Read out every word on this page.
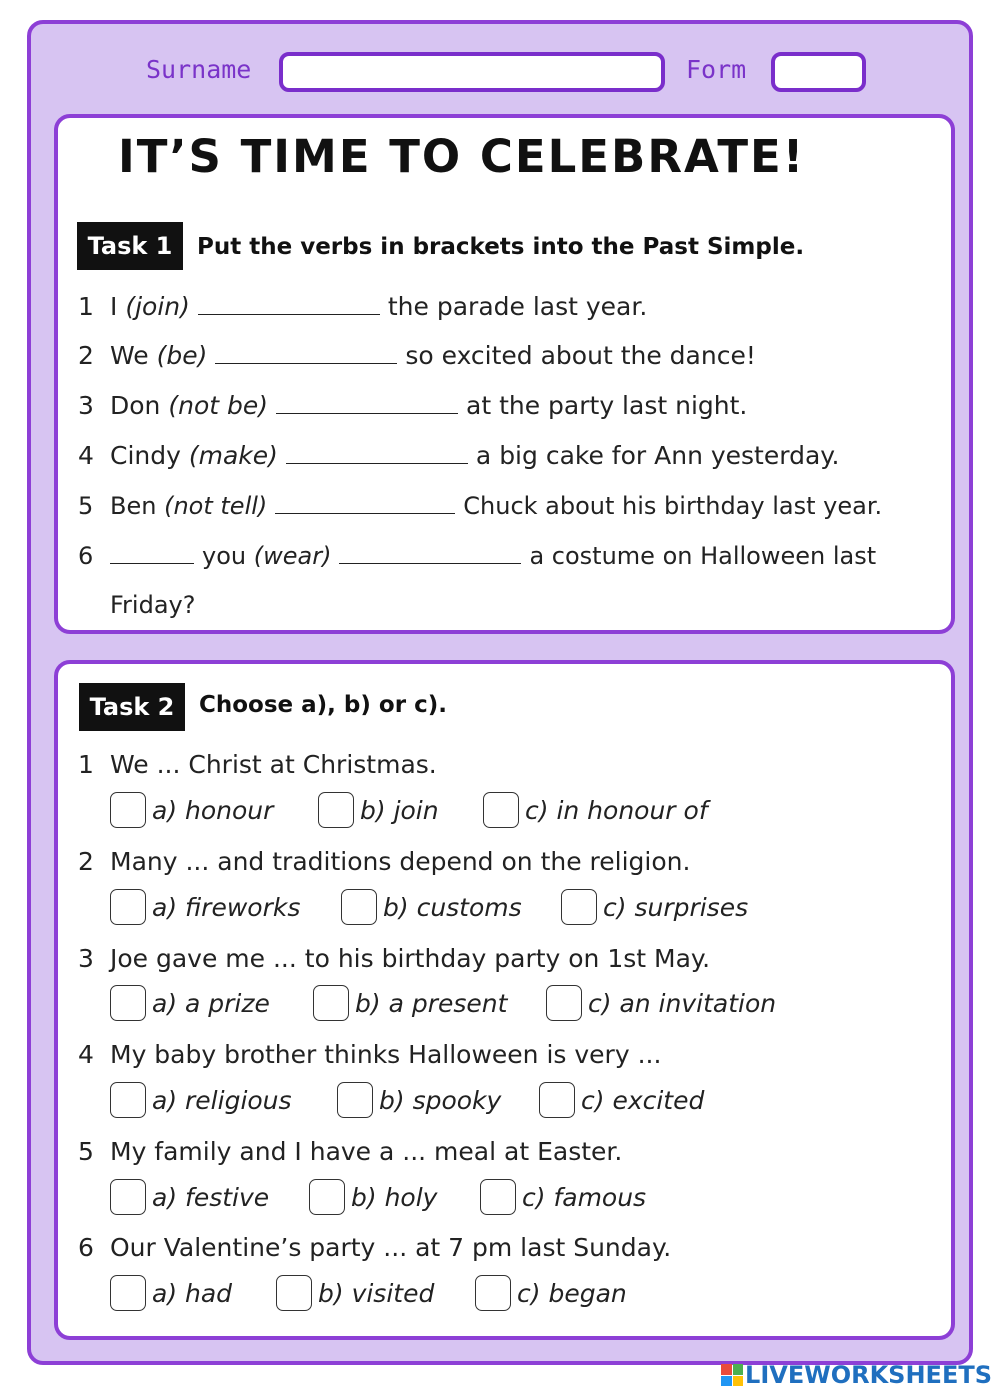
Surname	Form
IT’S TIME TO CELEBRATE!
Task 1	Put the verbs in brackets into the Past Simple.
1 I (join)	the parade last year.
2 We (be)	so excited about the dance!
3 Don (not be)	at the party last night.
4 Cindy (make)	a big cake for Ann yesterday.
5 Ben (not tell)	Chuck about his birthday last year.
6	you (wear)	a costume on Halloween last
Friday?
Task 2	Choose a), b) or c).
1 We ... Christ at Christmas.
a) honour	b) join	c) in honour of
2 Many ... and traditions depend on the religion.
a) fireworks	b) customs	c) surprises
3 Joe gave me ... to his birthday party on 1st May.
a) a prize	b) a present	c) an invitation
4 My baby brother thinks Halloween is very ...
a) religious	b) spooky	c) excited
5 My family and I have a ... meal at Easter.
a) festive	b) holy	c) famous
6 Our Valentine’s party ... at 7 pm last Sunday.
a) had	b) visited	c) began
LIVEWORKSHEETS
